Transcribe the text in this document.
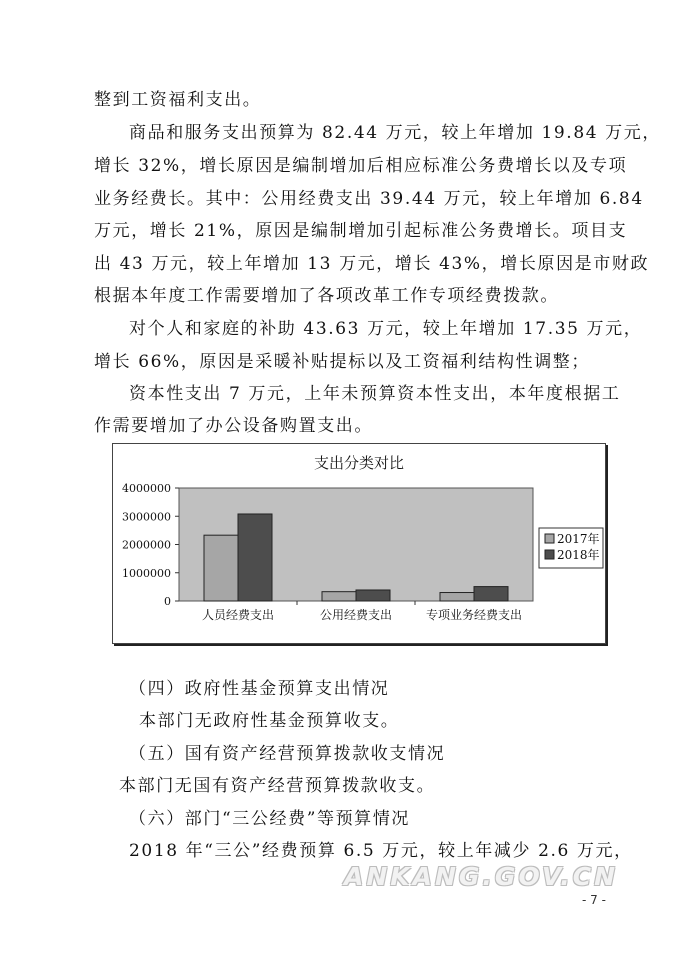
整到工资福利支出。
商品和服务支出预算为 82.44 万元，较上年增加 19.84 万元，
增长 32%，增长原因是编制增加后相应标准公务费增长以及专项
业务经费长。其中：公用经费支出 39.44 万元，较上年增加 6.84
万元，增长 21%，原因是编制增加引起标准公务费增长。项目支
出 43 万元，较上年增加 13 万元，增长 43%，增长原因是市财政
根据本年度工作需要增加了各项改革工作专项经费拨款。
对个人和家庭的补助 43.63 万元，较上年增加 17.35 万元，
增长 66%，原因是采暖补贴提标以及工资福利结构性调整；
资本性支出 7 万元，上年未预算资本性支出，本年度根据工
作需要增加了办公设备购置支出。
（四）政府性基金预算支出情况
本部门无政府性基金预算收支。
（五）国有资产经营预算拨款收支情况
本部门无国有资产经营预算拨款收支。
（六）部门“三公经费”等预算情况
2018 年“三公”经费预算 6.5 万元，较上年减少 2.6 万元，
支出分类对比
0
1000000
2000000
3000000
4000000
人员经费支出	公用经费支出	专项业务经费支出
2017年
2018年
ANKANG.GOV.CN
- 7 -
